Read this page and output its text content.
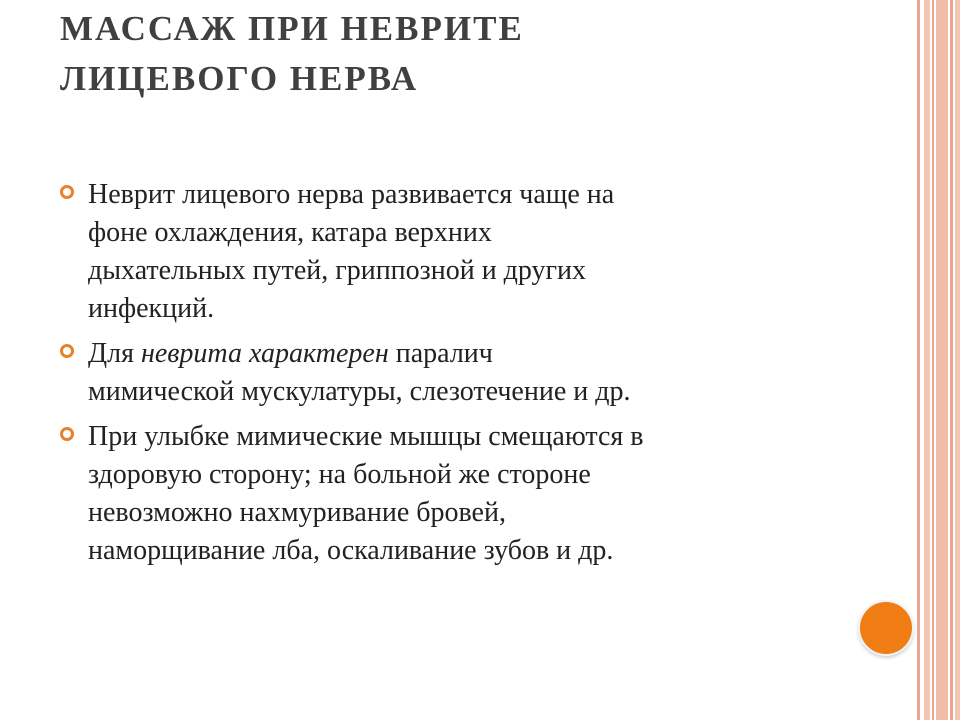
МАССАЖ ПРИ НЕВРИТЕ
ЛИЦЕВОГО НЕРВА
Неврит лицевого нерва развивается чаще на
фоне охлаждения, катара верхних
дыхательных путей, гриппозной и других
инфекций.
Для неврита характерен паралич
мимической мускулатуры, слезотечение и др.
При улыбке мимические мышцы смещаются в
здоровую сторону; на больной же стороне
невозможно нахмуривание бровей,
наморщивание лба, оскаливание зубов и др.
